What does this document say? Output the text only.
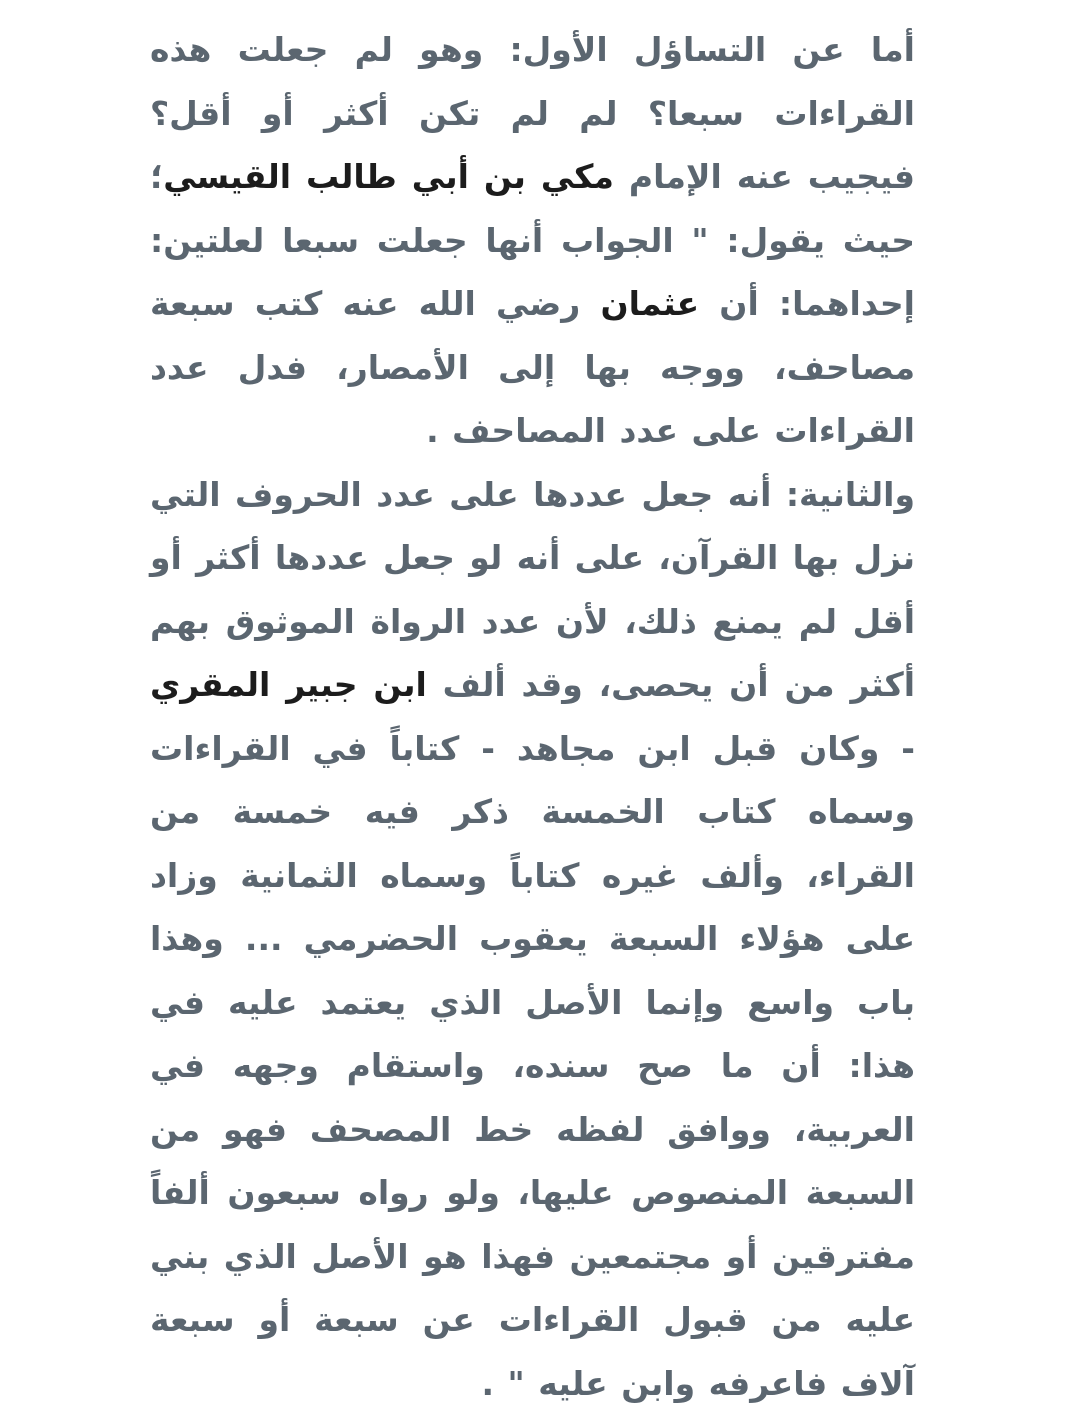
أما عن التساؤل الأول: وهو لم جعلت هذه القراءات سبعا؟ لم لم تكن أكثر أو أقل؟ فيجيب عنه الإمام مكي بن أبي طالب القيسي؛ حيث يقول: " الجواب أنها جعلت سبعا لعلتين: إحداهما: أن عثمان رضي الله عنه كتب سبعة مصاحف، ووجه بها إلى الأمصار، فدل عدد القراءات على عدد المصاحف .

والثانية: أنه جعل عددها على عدد الحروف التي نزل بها القرآن، على أنه لو جعل عددها أكثر أو أقل لم يمنع ذلك، لأن عدد الرواة الموثوق بهم أكثر من أن يحصى، وقد ألف ابن جبير المقري - وكان قبل ابن مجاهد - كتاباً في القراءات وسماه كتاب الخمسة ذكر فيه خمسة من القراء، وألف غيره كتاباً وسماه الثمانية وزاد على هؤلاء السبعة يعقوب الحضرمي ... وهذا باب واسع وإنما الأصل الذي يعتمد عليه في هذا: أن ما صح سنده، واستقام وجهه في العربية، ووافق لفظه خط المصحف فهو من السبعة المنصوص عليها، ولو رواه سبعون ألفاً مفترقين أو مجتمعين فهذا هو الأصل الذي بني عليه من قبول القراءات عن سبعة أو سبعة آلاف فاعرفه وابن عليه " .
